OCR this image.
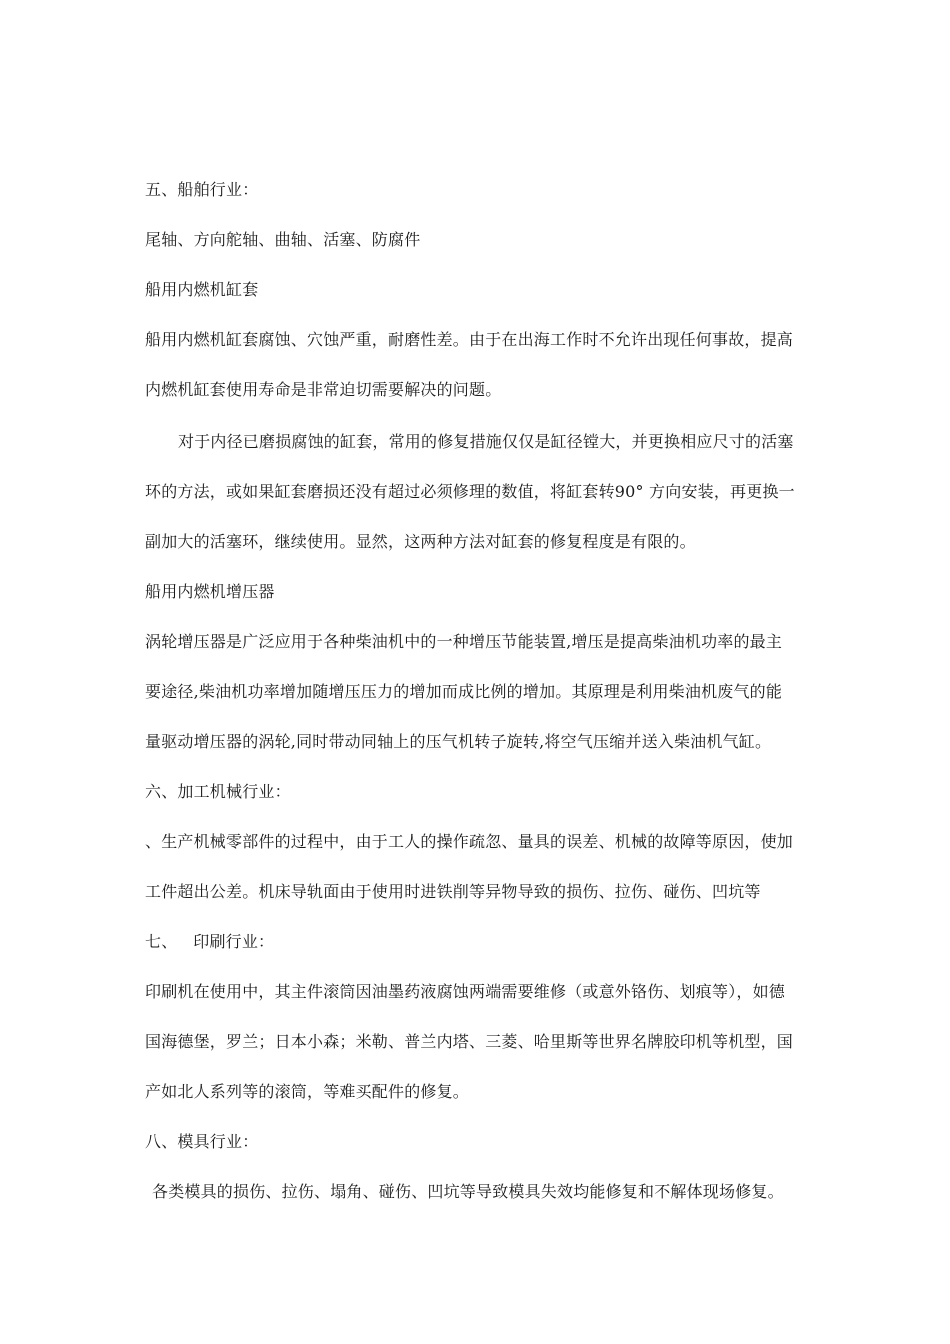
五、船舶行业：
尾轴、方向舵轴、曲轴、活塞、防腐件
船用内燃机缸套
船用内燃机缸套腐蚀、穴蚀严重，耐磨性差。由于在出海工作时不允许出现任何事故，提高
内燃机缸套使用寿命是非常迫切需要解决的问题。
对于内径已磨损腐蚀的缸套，常用的修复措施仅仅是缸径镗大，并更换相应尺寸的活塞
环的方法，或如果缸套磨损还没有超过必须修理的数值，将缸套转90° 方向安装，再更换一
副加大的活塞环，继续使用。显然，这两种方法对缸套的修复程度是有限的。
船用内燃机增压器
涡轮增压器是广泛应用于各种柴油机中的一种增压节能装置,增压是提高柴油机功率的最主
要途径,柴油机功率增加随增压压力的增加而成比例的增加。其原理是利用柴油机废气的能
量驱动增压器的涡轮,同时带动同轴上的压气机转子旋转,将空气压缩并送入柴油机气缸。
六、加工机械行业：
、生产机械零部件的过程中，由于工人的操作疏忽、量具的误差、机械的故障等原因，使加
工件超出公差。机床导轨面由于使用时进铁削等异物导致的损伤、拉伤、碰伤、凹坑等
七、   印刷行业：
印刷机在使用中，其主件滚筒因油墨药液腐蚀两端需要维修（或意外铬伤、划痕等），如德
国海德堡，罗兰；日本小森；米勒、普兰内塔、三菱、哈里斯等世界名牌胶印机等机型，国
产如北人系列等的滚筒，等难买配件的修复。
八、模具行业：
各类模具的损伤、拉伤、塌角、碰伤、凹坑等导致模具失效均能修复和不解体现场修复。
